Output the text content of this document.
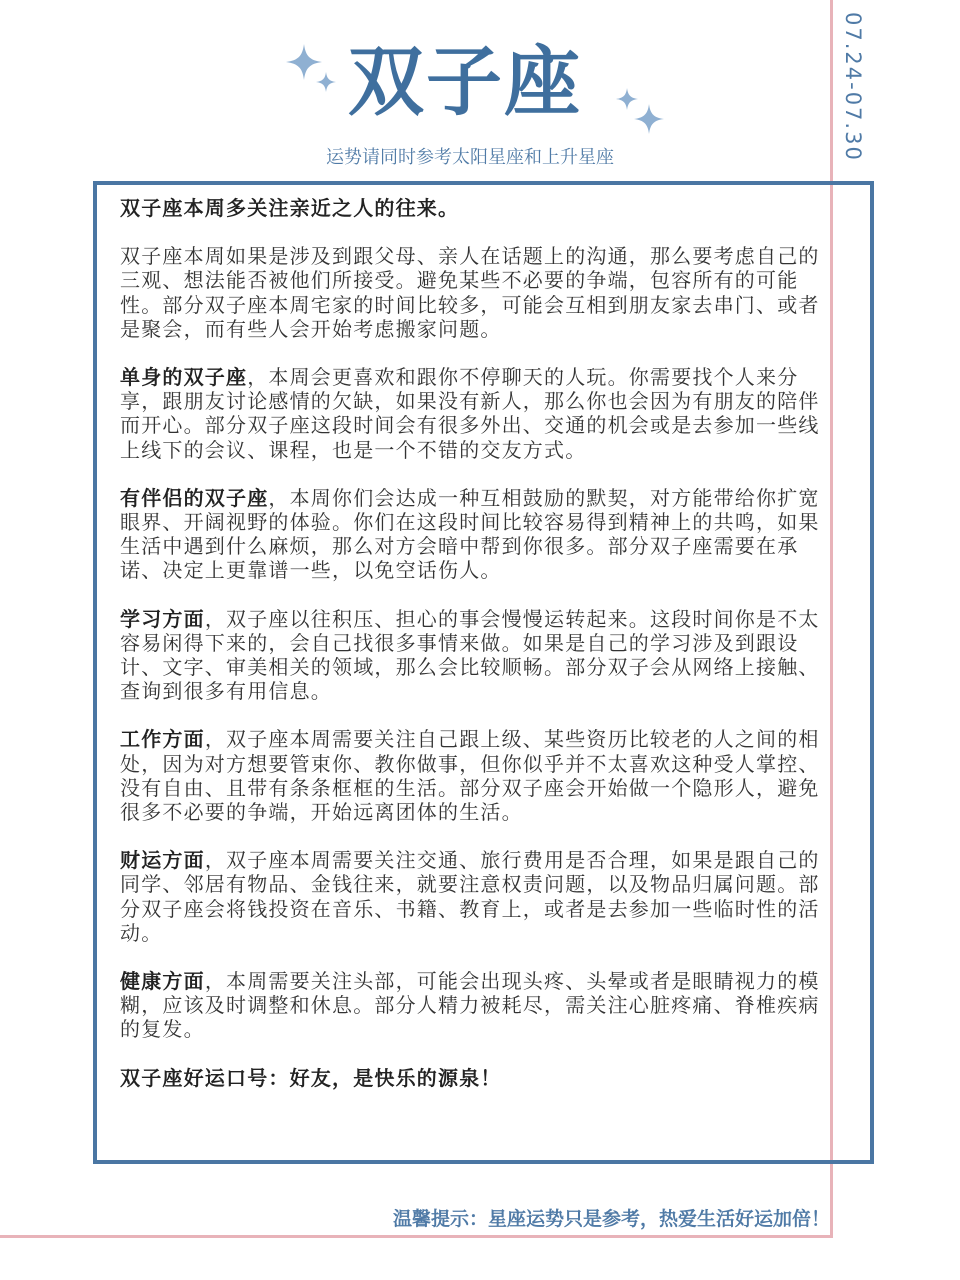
07.24-07.30
双子座
运势请同时参考太阳星座和上升星座

双子座本周多关注亲近之人的往来。

双子座本周如果是涉及到跟父母、亲人在话题上的沟通，那么要考虑自己的三观、想法能否被他们所接受。避免某些不必要的争端，包容所有的可能性。部分双子座本周宅家的时间比较多，可能会互相到朋友家去串门、或者是聚会，而有些人会开始考虑搬家问题。

单身的双子座，本周会更喜欢和跟你不停聊天的人玩。你需要找个人来分享，跟朋友讨论感情的欠缺，如果没有新人，那么你也会因为有朋友的陪伴而开心。部分双子座这段时间会有很多外出、交通的机会或是去参加一些线上线下的会议、课程，也是一个不错的交友方式。

有伴侣的双子座，本周你们会达成一种互相鼓励的默契，对方能带给你扩宽眼界、开阔视野的体验。你们在这段时间比较容易得到精神上的共鸣，如果生活中遇到什么麻烦，那么对方会暗中帮到你很多。部分双子座需要在承诺、决定上更靠谱一些，以免空话伤人。

学习方面，双子座以往积压、担心的事会慢慢运转起来。这段时间你是不太容易闲得下来的，会自己找很多事情来做。如果是自己的学习涉及到跟设计、文字、审美相关的领域，那么会比较顺畅。部分双子会从网络上接触、查询到很多有用信息。

工作方面，双子座本周需要关注自己跟上级、某些资历比较老的人之间的相处，因为对方想要管束你、教你做事，但你似乎并不太喜欢这种受人掌控、没有自由、且带有条条框框的生活。部分双子座会开始做一个隐形人，避免很多不必要的争端，开始远离团体的生活。

财运方面，双子座本周需要关注交通、旅行费用是否合理，如果是跟自己的同学、邻居有物品、金钱往来，就要注意权责问题，以及物品归属问题。部分双子座会将钱投资在音乐、书籍、教育上，或者是去参加一些临时性的活动。

健康方面，本周需要关注头部，可能会出现头疼、头晕或者是眼睛视力的模糊，应该及时调整和休息。部分人精力被耗尽，需关注心脏疼痛、脊椎疾病的复发。

双子座好运口号：好友，是快乐的源泉！

温馨提示：星座运势只是参考，热爱生活好运加倍！
